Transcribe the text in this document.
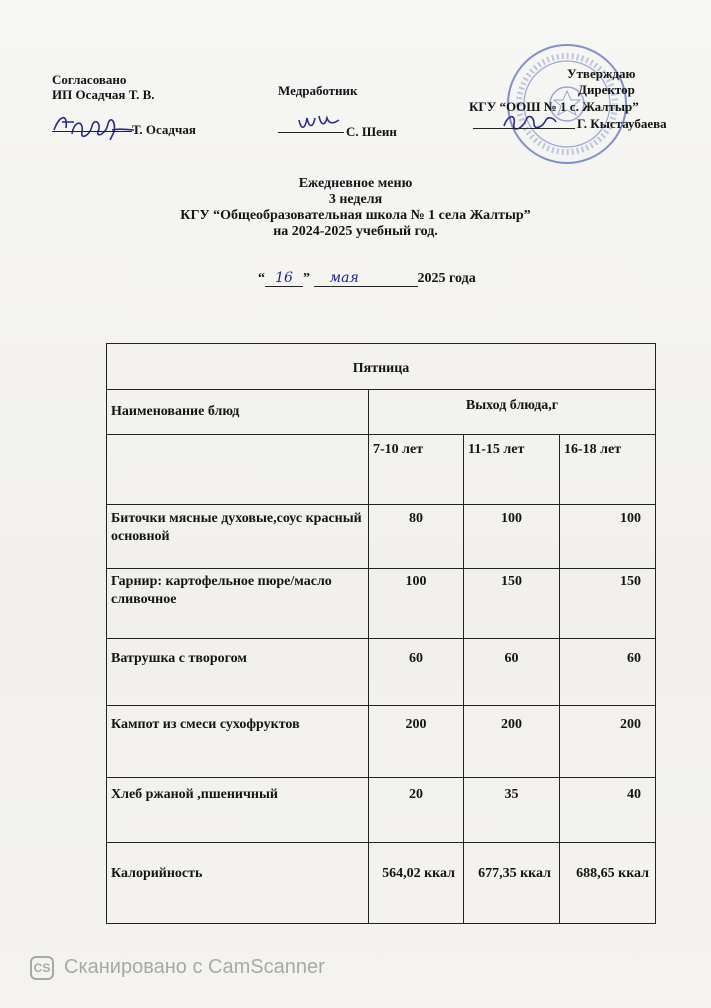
Согласовано
ИП Осадчая Т. В.
Т. Осадчая
Медработник
С. Шеин
Утверждаю
Директор
КГУ “ООШ № 1 с. Жалтыр”
Г. Кыстаубаева
Ежедневное меню
3 неделя
КГУ “Общеобразовательная школа № 1 села Жалтыр”
на 2024-2025 учебный год.
“ 16 ” мая	2025 года
Пятница			
Наименование блюд	Выход блюда,г		
	7-10 лет	11-15 лет	16-18 лет
Биточки мясные духовые,соус красный основной	80	100	100
Гарнир: картофельное пюре/масло сливочное	100	150	150
Ватрушка с творогом	60	60	60
Кампот из смеси сухофруктов	200	200	200
Хлеб ржаной ,пшеничный	20	35	40
Калорийность	564,02 ккал	677,35 ккал	688,65 ккал
CS Сканировано с CamScanner
